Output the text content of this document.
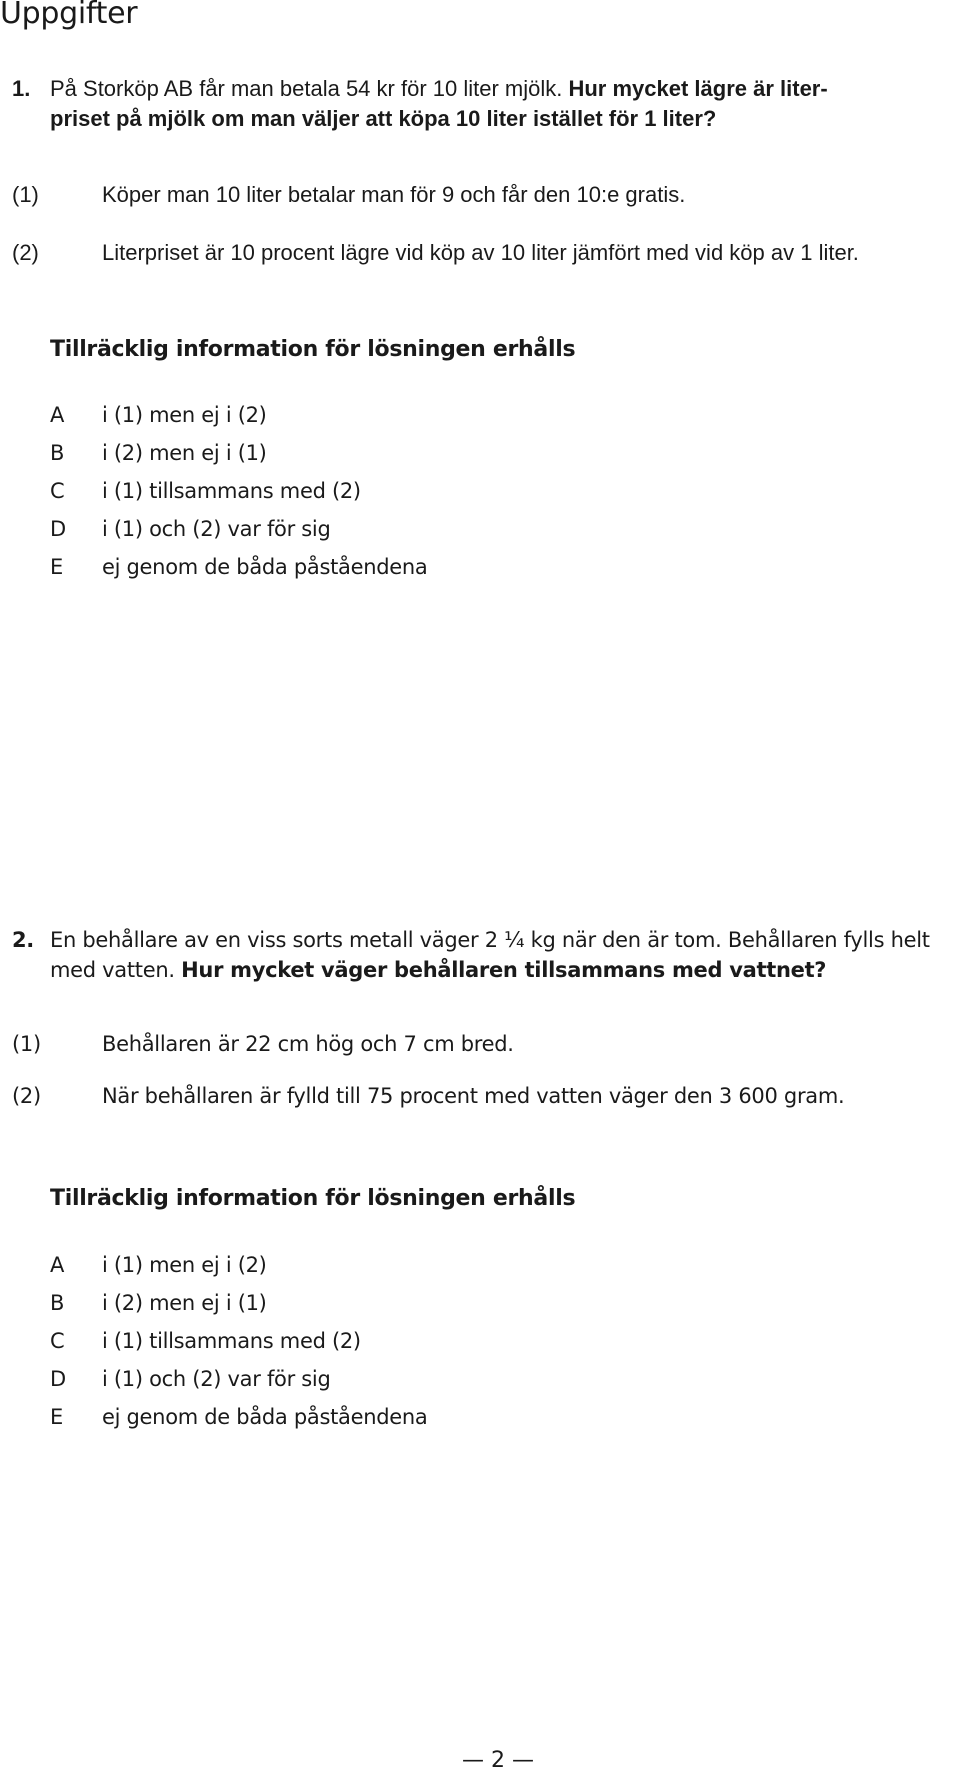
Uppgifter
1. På Storköp AB får man betala 54 kr för 10 liter mjölk. Hur mycket lägre är liter-
priset på mjölk om man väljer att köpa 10 liter istället för 1 liter?
(1)	Köper man 10 liter betalar man för 9 och får den 10:e gratis.
(2)	Literpriset är 10 procent lägre vid köp av 10 liter jämfört med vid köp av 1 liter.
Tillräcklig information för lösningen erhålls
A	i (1) men ej i (2)
B	i (2) men ej i (1)
C	i (1) tillsammans med (2)
D	i (1) och (2) var för sig
E	ej genom de båda påståendena
2. En behållare av en viss sorts metall väger 2 ¼ kg när den är tom. Behållaren fylls helt
med vatten. Hur mycket väger behållaren tillsammans med vattnet?
(1)	Behållaren är 22 cm hög och 7 cm bred.
(2)	När behållaren är fylld till 75 procent med vatten väger den 3 600 gram.
Tillräcklig information för lösningen erhålls
A	i (1) men ej i (2)
B	i (2) men ej i (1)
C	i (1) tillsammans med (2)
D	i (1) och (2) var för sig
E	ej genom de båda påståendena
— 2 —
